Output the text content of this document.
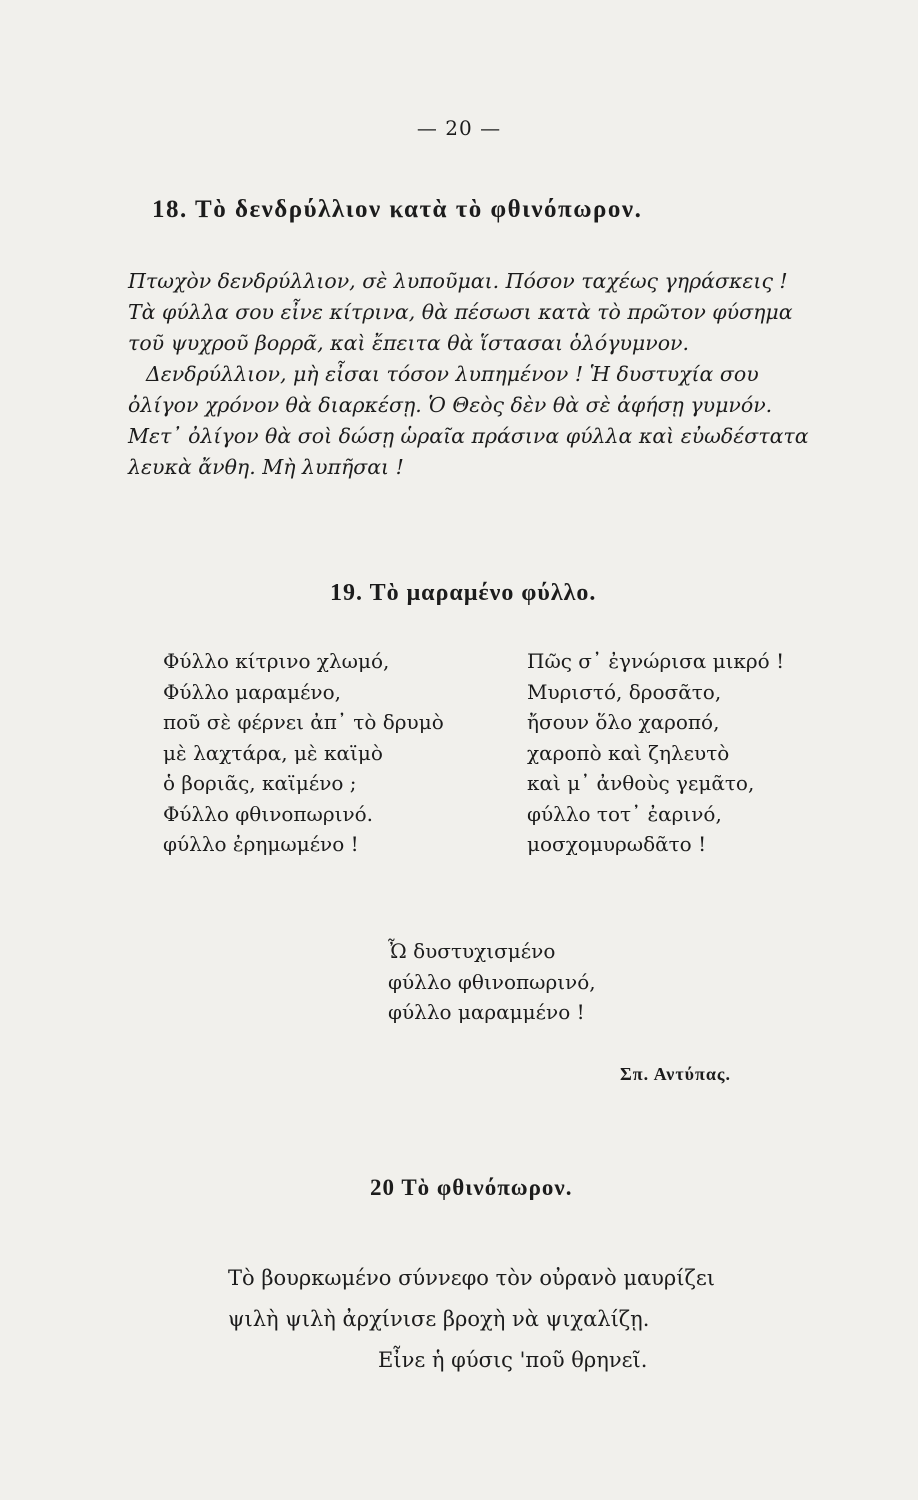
— 20 —
18. Τὸ δενδρύλλιον κατὰ τὸ φθινόπωρον.
Πτωχὸν δενδρύλλιον, σὲ λυποῦμαι. Πόσον ταχέως γηράσκεις !
Τὰ φύλλα σου εἶνε κίτρινα, θὰ πέσωσι κατὰ τὸ πρῶτον φύσημα
τοῦ ψυχροῦ βορρᾶ, καὶ ἔπειτα θὰ ἵστασαι ὁλόγυμνον.
Δενδρύλλιον, μὴ εἶσαι τόσον λυπημένον ! Ἡ δυστυχία σου
ὀλίγον χρόνον θὰ διαρκέσῃ. Ὁ Θεὸς δὲν θὰ σὲ ἀφήσῃ γυμνόν.
Μετ᾽ ὀλίγον θὰ σοὶ δώσῃ ὡραῖα πράσινα φύλλα καὶ εὐωδέστατα
λευκὰ ἄνθη. Μὴ λυπῆσαι !
19. Τὸ μαραμένο φύλλο.
Φύλλο κίτρινο χλωμό,
Φύλλο μαραμένο,
ποῦ σὲ φέρνει ἀπ᾽ τὸ δρυμὸ
μὲ λαχτάρα, μὲ καϊμὸ
ὁ βοριᾶς, καϊμένο ;
Φύλλο φθινοπωρινό.
φύλλο ἐρημωμένο !
Πῶς σ᾽ ἐγνώρισα μικρό !
Μυριστό, δροσᾶτο,
ἤσουν ὅλο χαροπό,
χαροπὸ καὶ ζηλευτὸ
καὶ μ᾽ ἀνθοὺς γεμᾶτο,
φύλλο τοτ᾽ ἐαρινό,
μοσχομυρωδᾶτο !
Ὦ δυστυχισμένο
φύλλο φθινοπωρινό,
φύλλο μαραμμένο !
Σπ. Αντύπας.
20 Τὸ φθινόπωρον.
Τὸ βουρκωμένο σύννεφο τὸν οὐρανὸ μαυρίζει
ψιλὴ ψιλὴ ἀρχίνισε βροχὴ νὰ ψιχαλίζῃ.
Εἶνε ἡ φύσις 'ποῦ θρηνεῖ.
